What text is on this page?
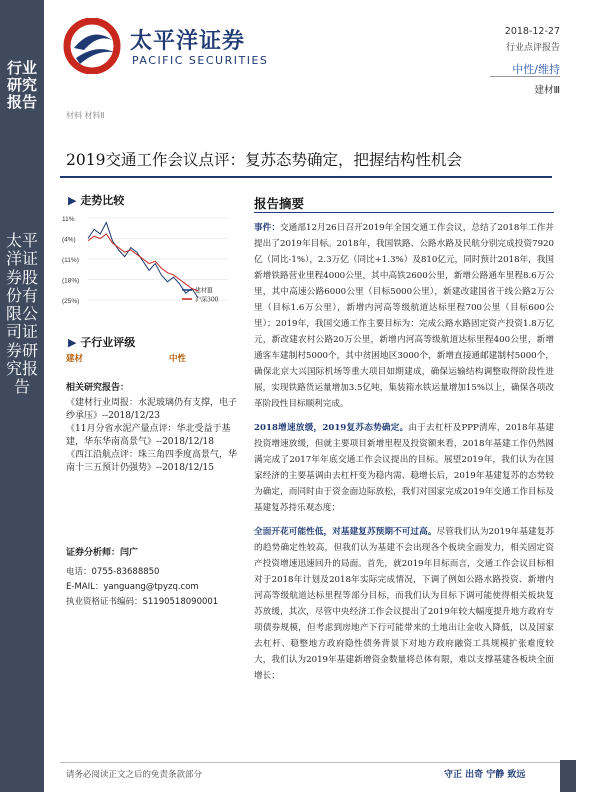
行业研究报告
太平洋证券股份有限公司证券研究报告
太平洋证券
PACIFIC SECURITIES
2018-12-27
行业点评报告
中性/维持
建材Ⅲ
材料 材料Ⅱ
2019交通工作会议点评：复苏态势确定，把握结构性机会
▶ 走势比较
11%
(4%)
(11%)
(18%)
(25%)
建材Ⅲ
沪深300
▶ 子行业评级
建材	中性
相关研究报告：
《建材行业周报：水泥玻璃仍有支撑，电子纱承压》--2018/12/23
《11月分省水泥产量点评：华北受益于基建，华东华南高景气》--2018/12/18
《西江沿航点评：珠三角四季度高景气，华南十三五预计仍强势》--2018/12/15
证券分析师：闫广
电话：0755-83688850
E-MAIL：yanguang@tpyzq.com
执业资格证书编码：S1190518090001
报告摘要

事件：交通部12月26日召开2019年全国交通工作会议，总结了2018年工作并提出了2019年目标。2018年，我国铁路、公路水路及民航分别完成投资7920亿（同比-1%），2.3万亿（同比+1.3%）及810亿元，同时预计2018年，我国新增铁路营业里程4000公里，其中高铁2600公里，新增公路通车里程8.6万公里，其中高速公路6000公里（目标5000公里），新建改建国省干线公路2万公里（目标1.6万公里），新增内河高等级航道达标里程700公里（目标600公里）；2019年，我国交通工作主要目标为：完成公路水路固定资产投资1.8万亿元，新改建农村公路20万公里，新增内河高等级航道达标里程400公里，新增通客车建制村5000个，其中贫困地区3000个，新增直接通邮建制村5000个，确保北京大兴国际机场等重大项目如期建成，确保运输结构调整取得阶段性进展，实现铁路货运量增加3.5亿吨，集装箱水铁运量增加15%以上，确保各项改革阶段性目标顺利完成。

2018增速放缓，2019复苏态势确定。由于去杠杆及PPP清库，2018年基建投资增速放缓，但就主要项目新增里程及投资额来看，2018年基建工作仍然圆满完成了2017年年底交通工作会议提出的目标。展望2019年，我们认为在国家经济的主要基调由去杠杆变为稳内需、稳增长后，2019年基建复苏的态势较为确定，而同时由于资金面边际放松，我们对国家完成2019年交通工作目标及基建复苏持乐观态度；

全面开花可能性低，对基建复苏预期不可过高。尽管我们认为2019年基建复苏的趋势确定性较高，但我们认为基建不会出现各个板块全面发力，相关固定资产投资增速迅速回升的局面。首先，就2019年目标而言，交通工作会议目标相对于2018年计划及2018年实际完成情况，下调了例如公路水路投资、新增内河高等级航道达标里程等部分目标，而我们认为目标下调可能使得相关板块复苏放缓，其次，尽管中央经济工作会议提出了2019年较大幅度提升地方政府专项债券规模，但考虑到房地产下行可能带来的土地出让金收入降低，以及国家去杠杆、稳整地方政府隐性债务背景下对地方政府融资工具规模扩张难度较大，我们认为2019年基建新增资金数量将总体有限，难以支撑基建各板块全面增长；

请务必阅读正文之后的免责条款部分	守正 出奇 宁静 致远
